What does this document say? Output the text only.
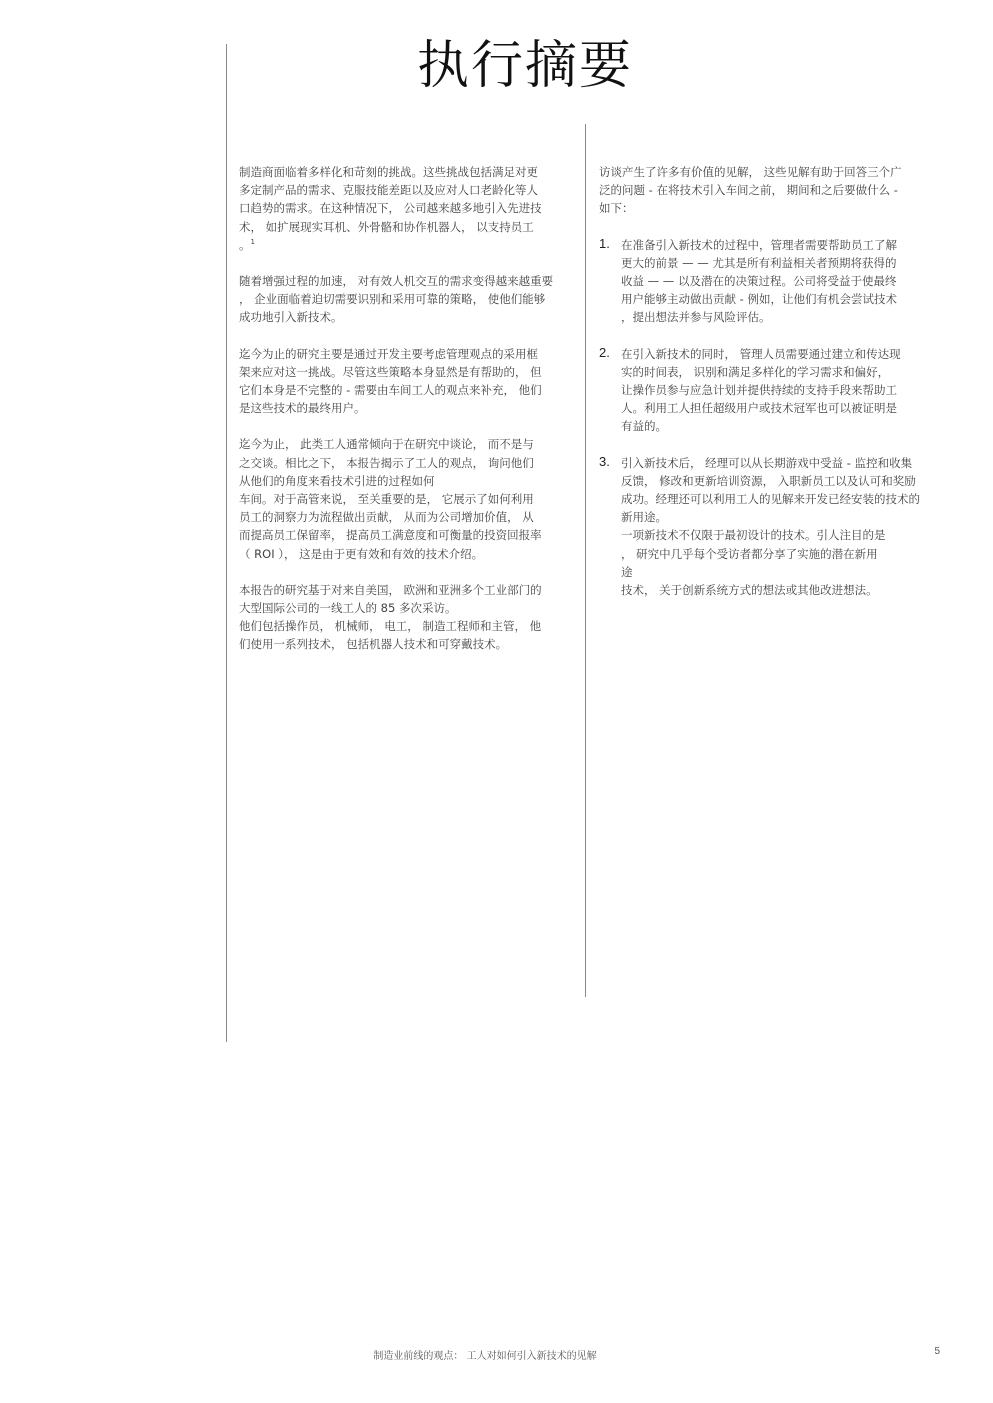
执行摘要
制造商面临着多样化和苛刻的挑战。这些挑战包括满足对更
多定制产品的需求、克服技能差距以及应对人口老龄化等人
口趋势的需求。在这种情况下， 公司越来越多地引入先进技
术， 如扩展现实耳机、外骨骼和协作机器人， 以支持员工
。$^1$
随着增强过程的加速， 对有效人机交互的需求变得越来越重要
， 企业面临着迫切需要识别和采用可靠的策略， 使他们能够
成功地引入新技术。
迄今为止的研究主要是通过开发主要考虑管理观点的采用框
架来应对这一挑战。尽管这些策略本身显然是有帮助的， 但
它们本身是不完整的 - 需要由车间工人的观点来补充， 他们
是这些技术的最终用户。
迄今为止， 此类工人通常倾向于在研究中谈论， 而不是与
之交谈。相比之下， 本报告揭示了工人的观点， 询问他们
从他们的角度来看技术引进的过程如何
车间。对于高管来说， 至关重要的是， 它展示了如何利用
员工的洞察力为流程做出贡献， 从而为公司增加价值， 从
而提高员工保留率， 提高员工满意度和可衡量的投资回报率
（ ROI ）， 这是由于更有效和有效的技术介绍。
本报告的研究基于对来自美国， 欧洲和亚洲多个工业部门的
大型国际公司的一线工人的 85 多次采访。
他们包括操作员， 机械师， 电工， 制造工程师和主管， 他
们使用一系列技术， 包括机器人技术和可穿戴技术。
访谈产生了许多有价值的见解， 这些见解有助于回答三个广
泛的问题 - 在将技术引入车间之前， 期间和之后要做什么 -
如下：
1. 在准备引入新技术的过程中，管理者需要帮助员工了解
更大的前景 — — 尤其是所有利益相关者预期将获得的
收益 — — 以及潜在的决策过程。公司将受益于使最终
用户能够主动做出贡献 - 例如，让他们有机会尝试技术
，提出想法并参与风险评估。
2. 在引入新技术的同时， 管理人员需要通过建立和传达现
实的时间表， 识别和满足多样化的学习需求和偏好，
让操作员参与应急计划并提供持续的支持手段来帮助工
人。利用工人担任超级用户或技术冠军也可以被证明是
有益的。
3. 引入新技术后， 经理可以从长期游戏中受益 - 监控和收集
反馈， 修改和更新培训资源， 入职新员工以及认可和奖励
成功。经理还可以利用工人的见解来开发已经安装的技术的
新用途。
一项新技术不仅限于最初设计的技术。引人注目的是
， 研究中几乎每个受访者都分享了实施的潜在新用
途
技术， 关于创新系统方式的想法或其他改进想法。
制造业前线的观点： 工人对如何引入新技术的见解	5
